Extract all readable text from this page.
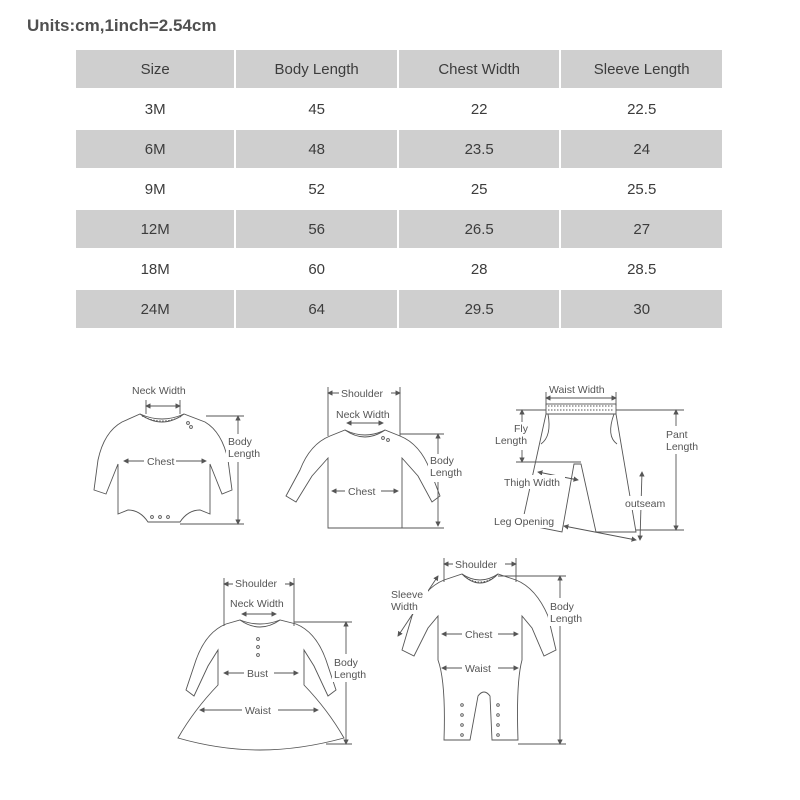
Units:cm,1inch=2.54cm
Size	Body Length	Chest Width	Sleeve Length
3M	45	22	22.5
6M	48	23.5	24
9M	52	25	25.5
12M	56	26.5	27
18M	60	28	28.5
24M	64	29.5	30
Neck Width
Chest
Body
Length
Shoulder
Neck Width
Chest
Body
Length
Waist Width
Fly
Length	Pant
Length
Thigh Width
outseam
Leg Opening
Shoulder
Neck Width
Bust
Waist
Body
Length
Shoulder
Sleeve
Width
Chest
Waist
Body
Length
